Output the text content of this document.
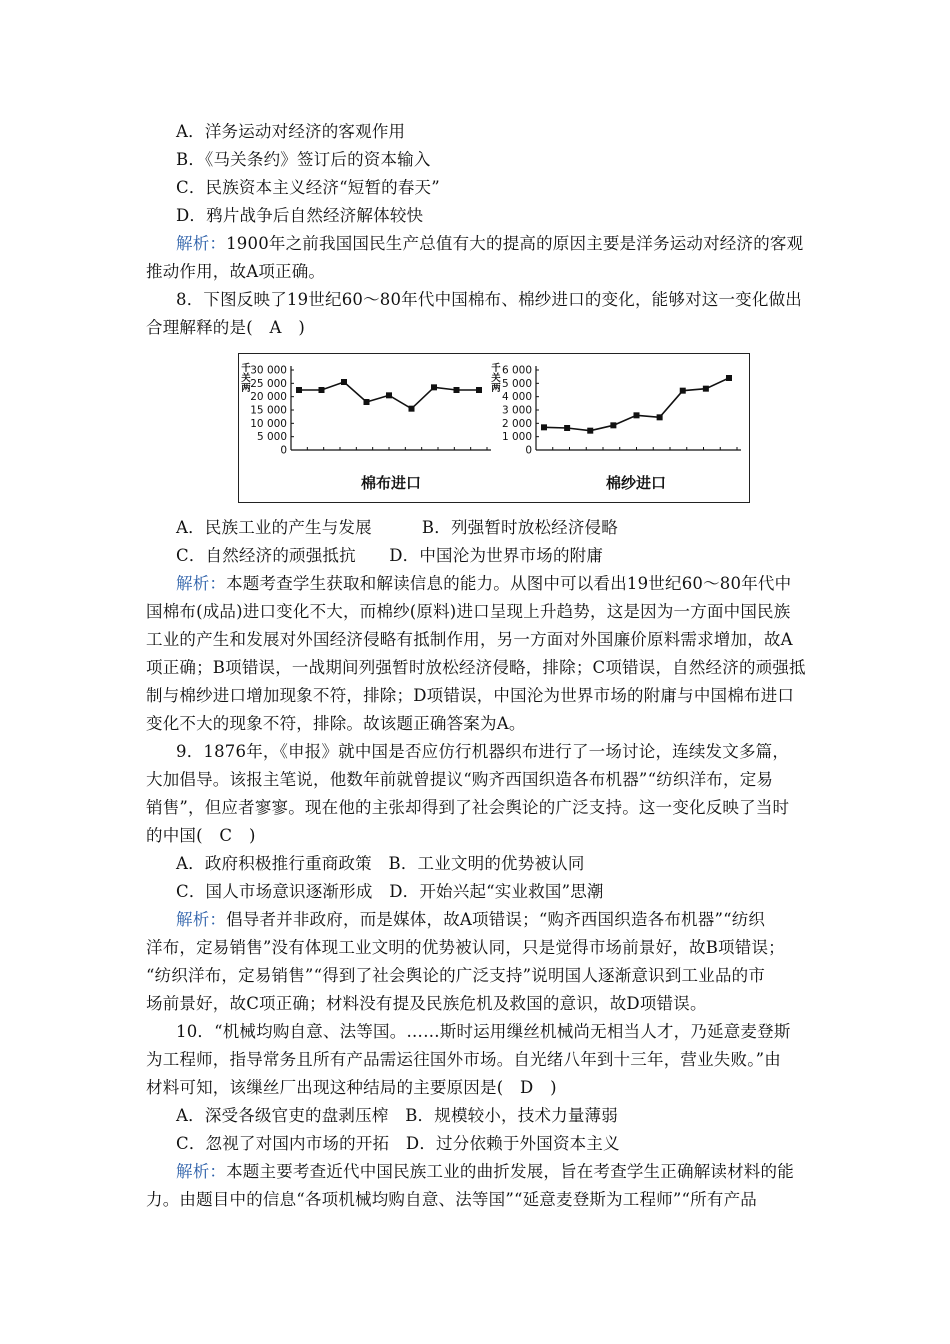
A．洋务运动对经济的客观作用
B．《马关条约》签订后的资本输入
C．民族资本主义经济“短暂的春天”
D．鸦片战争后自然经济解体较快
解析：1900年之前我国国民生产总值有大的提高的原因主要是洋务运动对经济的客观
推动作用，故A项正确。
8．下图反映了19世纪60～80年代中国棉布、棉纱进口的变化，能够对这一变化做出
合理解释的是(　A　)
30 000
25 000
20 000
15 000
10 000
5 000
0
千
关
两
棉布进口
6 000
5 000
4 000
3 000
2 000
1 000
0
千
关
两
棉纱进口
A．民族工业的产生与发展　　　B．列强暂时放松经济侵略
C．自然经济的顽强抵抗　　D．中国沦为世界市场的附庸
解析：本题考查学生获取和解读信息的能力。从图中可以看出19世纪60～80年代中
国棉布(成品)进口变化不大，而棉纱(原料)进口呈现上升趋势，这是因为一方面中国民族
工业的产生和发展对外国经济侵略有抵制作用，另一方面对外国廉价原料需求增加，故A
项正确；B项错误，一战期间列强暂时放松经济侵略，排除；C项错误，自然经济的顽强抵
制与棉纱进口增加现象不符，排除；D项错误，中国沦为世界市场的附庸与中国棉布进口
变化不大的现象不符，排除。故该题正确答案为A。
9．1876年，《申报》就中国是否应仿行机器织布进行了一场讨论，连续发文多篇，
大加倡导。该报主笔说，他数年前就曾提议“购齐西国织造各布机器”“纺织洋布，定易
销售”，但应者寥寥。现在他的主张却得到了社会舆论的广泛支持。这一变化反映了当时
的中国(　C　)
A．政府积极推行重商政策　B．工业文明的优势被认同
C．国人市场意识逐渐形成　D．开始兴起“实业救国”思潮
解析：倡导者并非政府，而是媒体，故A项错误；“购齐西国织造各布机器”“纺织
洋布，定易销售”没有体现工业文明的优势被认同，只是觉得市场前景好，故B项错误；
“纺织洋布，定易销售”“得到了社会舆论的广泛支持”说明国人逐渐意识到工业品的市
场前景好，故C项正确；材料没有提及民族危机及救国的意识，故D项错误。
10．“机械均购自意、法等国。……斯时运用缫丝机械尚无相当人才，乃延意麦登斯
为工程师，指导常务且所有产品需运往国外市场。自光绪八年到十三年，营业失败。”由
材料可知，该缫丝厂出现这种结局的主要原因是(　D　)
A．深受各级官吏的盘剥压榨　B．规模较小，技术力量薄弱
C．忽视了对国内市场的开拓　D．过分依赖于外国资本主义
解析：本题主要考查近代中国民族工业的曲折发展，旨在考查学生正确解读材料的能
力。由题目中的信息“各项机械均购自意、法等国”“延意麦登斯为工程师”“所有产品
